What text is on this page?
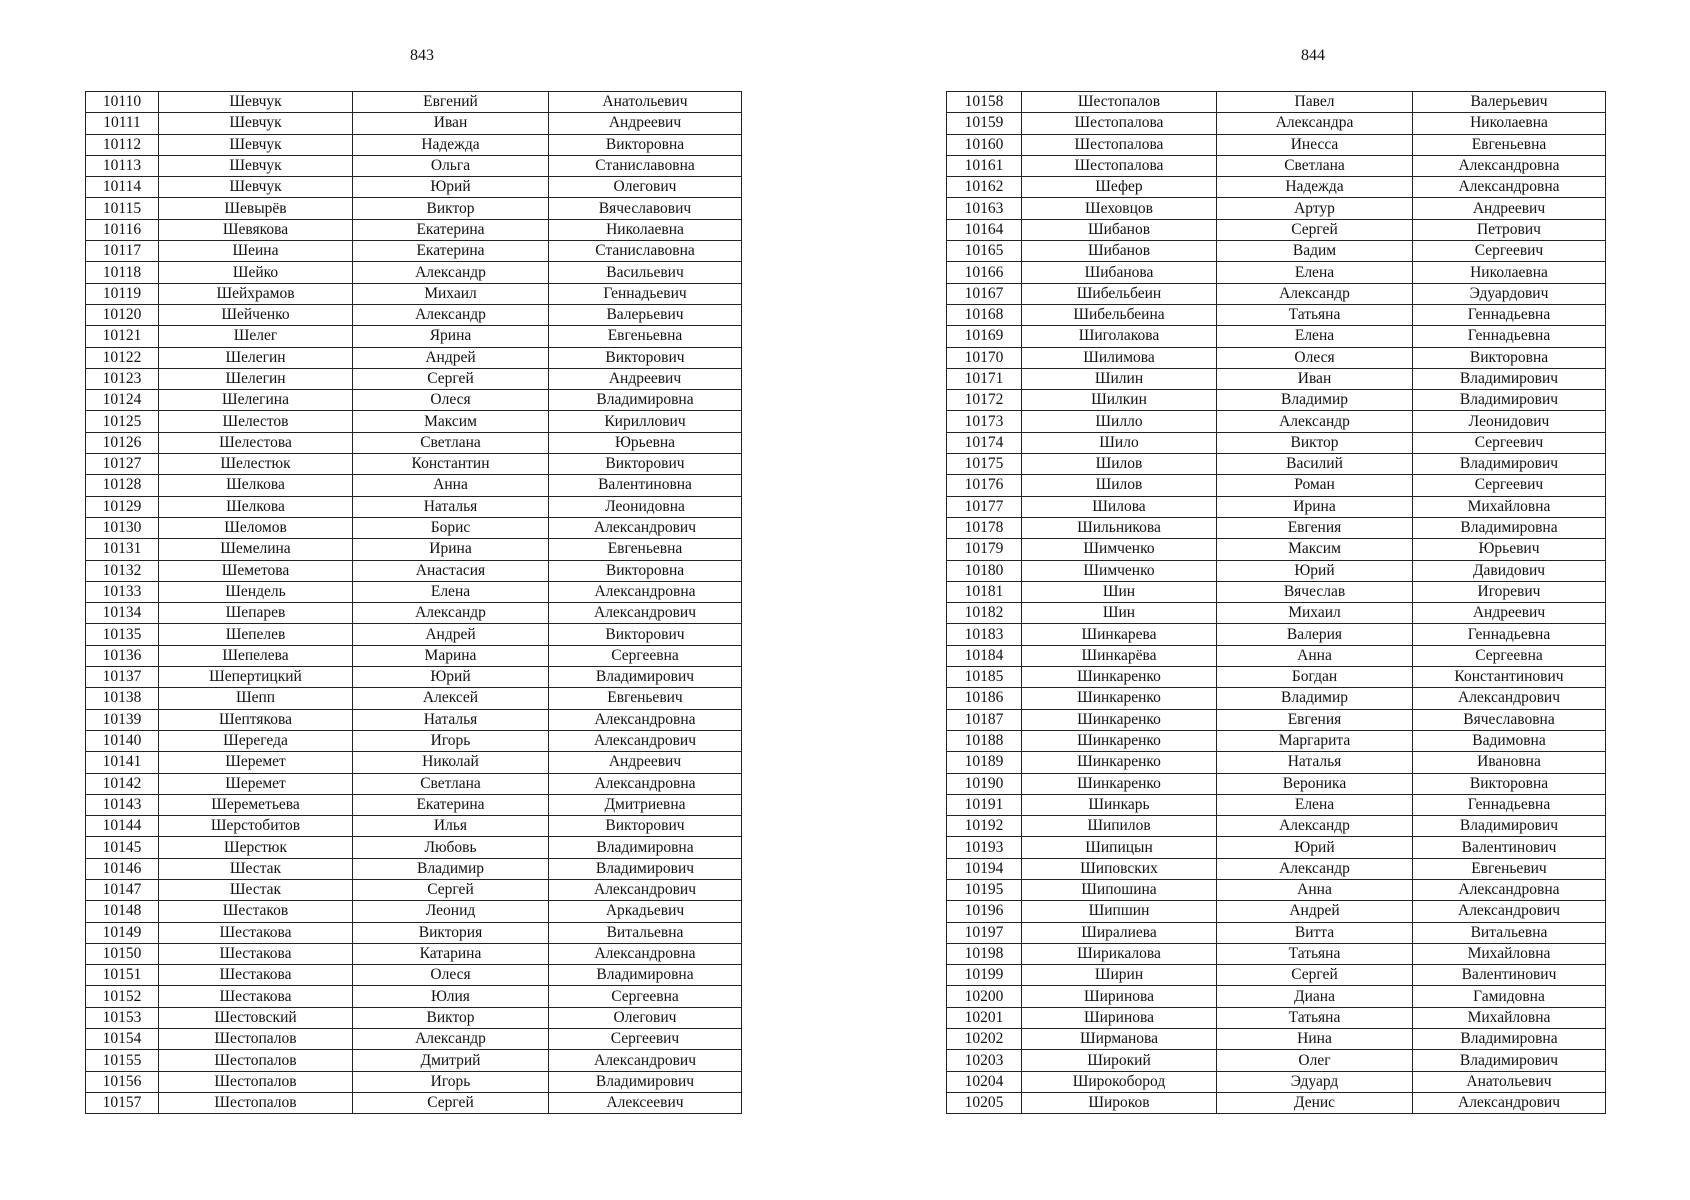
843
10110	Шевчук	Евгений	Анатольевич
10111	Шевчук	Иван	Андреевич
10112	Шевчук	Надежда	Викторовна
10113	Шевчук	Ольга	Станиславовна
10114	Шевчук	Юрий	Олегович
10115	Шевырёв	Виктор	Вячеславович
10116	Шевякова	Екатерина	Николаевна
10117	Шеина	Екатерина	Станиславовна
10118	Шейко	Александр	Васильевич
10119	Шейхрамов	Михаил	Геннадьевич
10120	Шейченко	Александр	Валерьевич
10121	Шелег	Ярина	Евгеньевна
10122	Шелегин	Андрей	Викторович
10123	Шелегин	Сергей	Андреевич
10124	Шелегина	Олеся	Владимировна
10125	Шелестов	Максим	Кириллович
10126	Шелестова	Светлана	Юрьевна
10127	Шелестюк	Константин	Викторович
10128	Шелкова	Анна	Валентиновна
10129	Шелкова	Наталья	Леонидовна
10130	Шеломов	Борис	Александрович
10131	Шемелина	Ирина	Евгеньевна
10132	Шеметова	Анастасия	Викторовна
10133	Шендель	Елена	Александровна
10134	Шепарев	Александр	Александрович
10135	Шепелев	Андрей	Викторович
10136	Шепелева	Марина	Сергеевна
10137	Шепертицкий	Юрий	Владимирович
10138	Шепп	Алексей	Евгеньевич
10139	Шептякова	Наталья	Александровна
10140	Шерегеда	Игорь	Александрович
10141	Шеремет	Николай	Андреевич
10142	Шеремет	Светлана	Александровна
10143	Шереметьева	Екатерина	Дмитриевна
10144	Шерстобитов	Илья	Викторович
10145	Шерстюк	Любовь	Владимировна
10146	Шестак	Владимир	Владимирович
10147	Шестак	Сергей	Александрович
10148	Шестаков	Леонид	Аркадьевич
10149	Шестакова	Виктория	Витальевна
10150	Шестакова	Катарина	Александровна
10151	Шестакова	Олеся	Владимировна
10152	Шестакова	Юлия	Сергеевна
10153	Шестовский	Виктор	Олегович
10154	Шестопалов	Александр	Сергеевич
10155	Шестопалов	Дмитрий	Александрович
10156	Шестопалов	Игорь	Владимирович
10157	Шестопалов	Сергей	Алексеевич
844
10158	Шестопалов	Павел	Валерьевич
10159	Шестопалова	Александра	Николаевна
10160	Шестопалова	Инесса	Евгеньевна
10161	Шестопалова	Светлана	Александровна
10162	Шефер	Надежда	Александровна
10163	Шеховцов	Артур	Андреевич
10164	Шибанов	Сергей	Петрович
10165	Шибанов	Вадим	Сергеевич
10166	Шибанова	Елена	Николаевна
10167	Шибельбеин	Александр	Эдуардович
10168	Шибельбеина	Татьяна	Геннадьевна
10169	Шиголакова	Елена	Геннадьевна
10170	Шилимова	Олеся	Викторовна
10171	Шилин	Иван	Владимирович
10172	Шилкин	Владимир	Владимирович
10173	Шилло	Александр	Леонидович
10174	Шило	Виктор	Сергеевич
10175	Шилов	Василий	Владимирович
10176	Шилов	Роман	Сергеевич
10177	Шилова	Ирина	Михайловна
10178	Шильникова	Евгения	Владимировна
10179	Шимченко	Максим	Юрьевич
10180	Шимченко	Юрий	Давидович
10181	Шин	Вячеслав	Игоревич
10182	Шин	Михаил	Андреевич
10183	Шинкарева	Валерия	Геннадьевна
10184	Шинкарёва	Анна	Сергеевна
10185	Шинкаренко	Богдан	Константинович
10186	Шинкаренко	Владимир	Александрович
10187	Шинкаренко	Евгения	Вячеславовна
10188	Шинкаренко	Маргарита	Вадимовна
10189	Шинкаренко	Наталья	Ивановна
10190	Шинкаренко	Вероника	Викторовна
10191	Шинкарь	Елена	Геннадьевна
10192	Шипилов	Александр	Владимирович
10193	Шипицын	Юрий	Валентинович
10194	Шиповских	Александр	Евгеньевич
10195	Шипошина	Анна	Александровна
10196	Шипшин	Андрей	Александрович
10197	Ширалиева	Витта	Витальевна
10198	Ширикалова	Татьяна	Михайловна
10199	Ширин	Сергей	Валентинович
10200	Ширинова	Диана	Гамидовна
10201	Ширинова	Татьяна	Михайловна
10202	Ширманова	Нина	Владимировна
10203	Широкий	Олег	Владимирович
10204	Широкобород	Эдуард	Анатольевич
10205	Широков	Денис	Александрович
